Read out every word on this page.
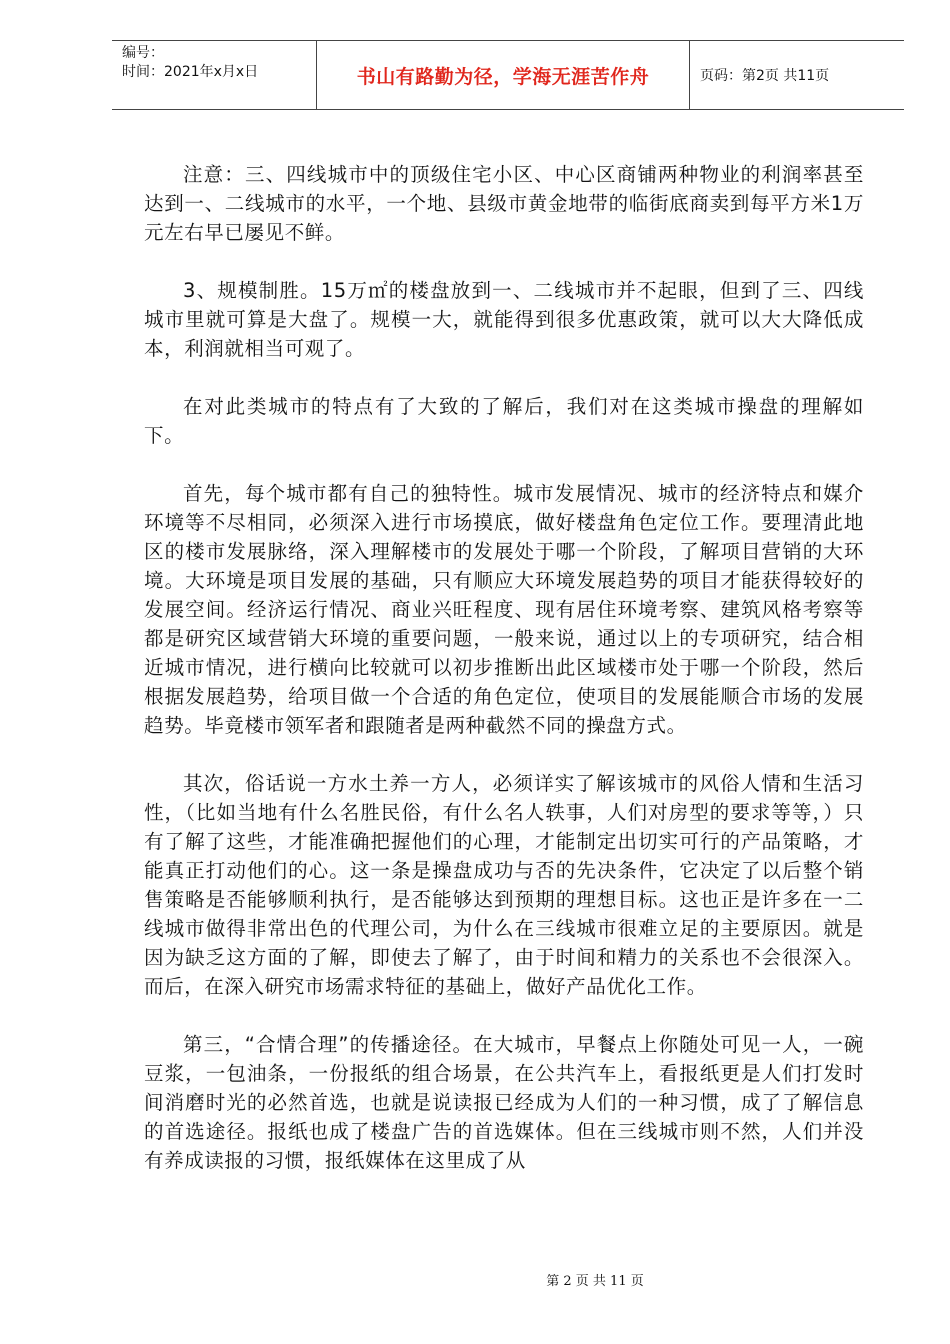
编号：
时间：2021年x月x日	书山有路勤为径，学海无涯苦作舟	页码：第2页 共11页

注意：三、四线城市中的顶级住宅小区、中心区商铺两种物业的利润率甚至达到一、二线城市的水平，一个地、县级市黄金地带的临街底商卖到每平方米1万元左右早已屡见不鲜。

3、规模制胜。15万㎡的楼盘放到一、二线城市并不起眼，但到了三、四线城市里就可算是大盘了。规模一大，就能得到很多优惠政策，就可以大大降低成本，利润就相当可观了。

在对此类城市的特点有了大致的了解后，我们对在这类城市操盘的理解如下。

首先，每个城市都有自己的独特性。城市发展情况、城市的经济特点和媒介环境等不尽相同，必须深入进行市场摸底，做好楼盘角色定位工作。要理清此地区的楼市发展脉络，深入理解楼市的发展处于哪一个阶段，了解项目营销的大环境。大环境是项目发展的基础，只有顺应大环境发展趋势的项目才能获得较好的发展空间。经济运行情况、商业兴旺程度、现有居住环境考察、建筑风格考察等都是研究区域营销大环境的重要问题，一般来说，通过以上的专项研究，结合相近城市情况，进行横向比较就可以初步推断出此区域楼市处于哪一个阶段，然后根据发展趋势，给项目做一个合适的角色定位，使项目的发展能顺合市场的发展趋势。毕竟楼市领军者和跟随者是两种截然不同的操盘方式。

其次，俗话说一方水土养一方人，必须详实了解该城市的风俗人情和生活习性，（比如当地有什么名胜民俗，有什么名人轶事，人们对房型的要求等等，）只有了解了这些，才能准确把握他们的心理，才能制定出切实可行的产品策略，才能真正打动他们的心。这一条是操盘成功与否的先决条件，它决定了以后整个销售策略是否能够顺利执行，是否能够达到预期的理想目标。这也正是许多在一二线城市做得非常出色的代理公司，为什么在三线城市很难立足的主要原因。就是因为缺乏这方面的了解，即使去了解了，由于时间和精力的关系也不会很深入。而后，在深入研究市场需求特征的基础上，做好产品优化工作。

第三，“合情合理”的传播途径。在大城市，早餐点上你随处可见一人，一碗豆浆，一包油条，一份报纸的组合场景，在公共汽车上，看报纸更是人们打发时间消磨时光的必然首选，也就是说读报已经成为人们的一种习惯，成了了解信息的首选途径。报纸也成了楼盘广告的首选媒体。但在三线城市则不然，人们并没有养成读报的习惯，报纸媒体在这里成了从

第 2 页 共 11 页
